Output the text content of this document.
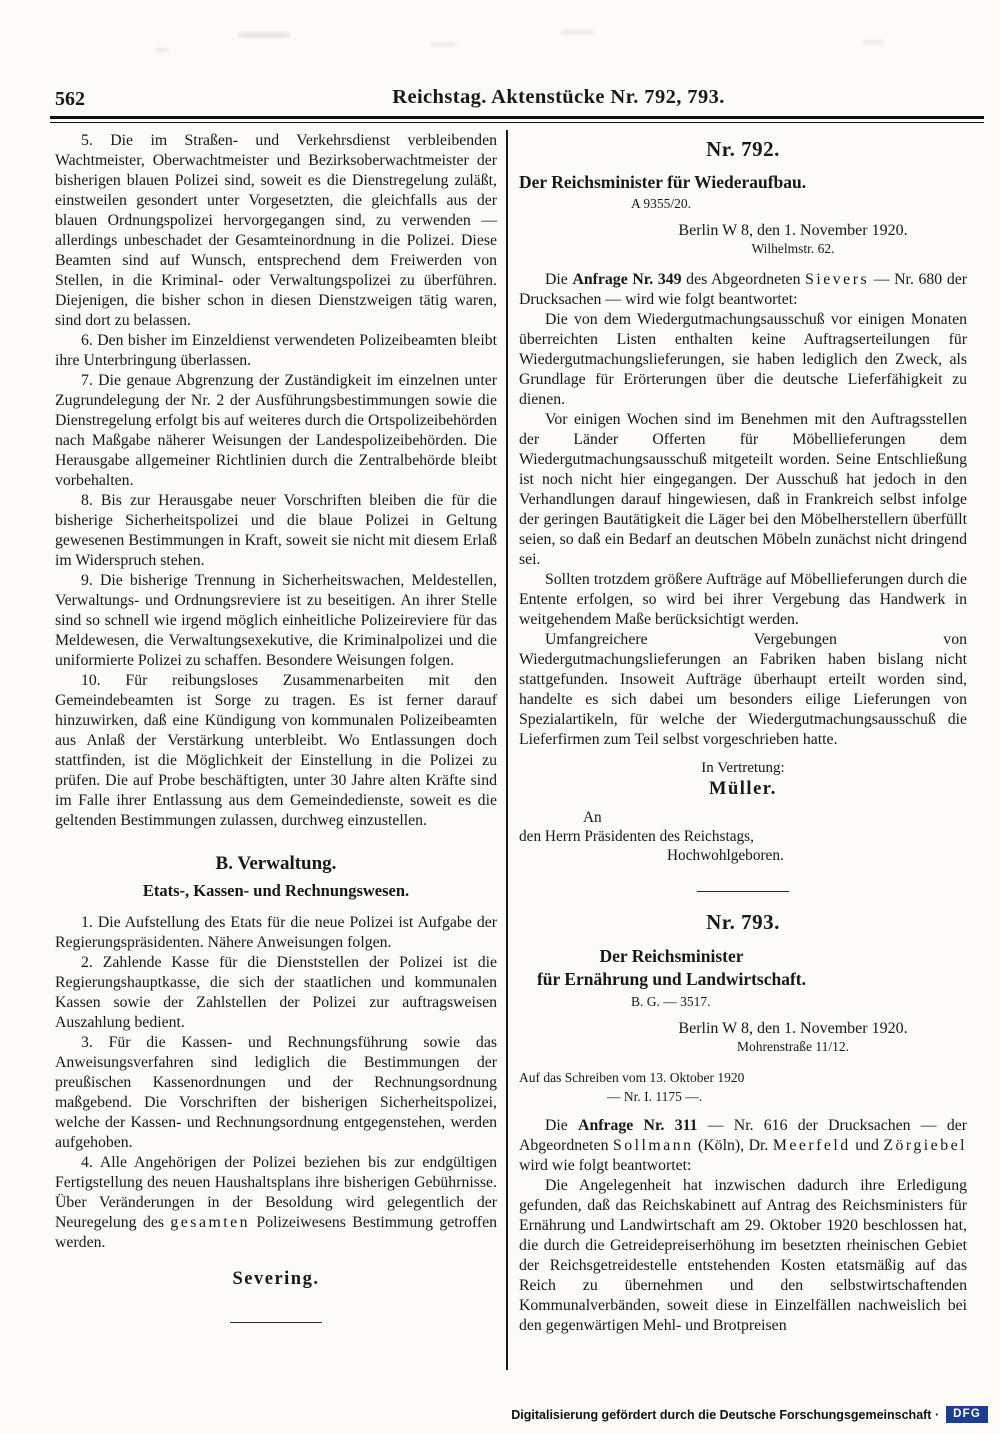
562	Reichstag. Aktenstücke Nr. 792, 793.

5. Die im Straßen- und Verkehrsdienst verbleibenden Wachtmeister, Oberwachtmeister und Bezirksoberwachtmeister der bisherigen blauen Polizei sind, soweit es die Dienstregelung zuläßt, einstweilen gesondert unter Vorgesetzten, die gleichfalls aus der blauen Ordnungspolizei hervorgegangen sind, zu verwenden — allerdings unbeschadet der Gesamteinordnung in die Polizei. Diese Beamten sind auf Wunsch, entsprechend dem Freiwerden von Stellen, in die Kriminal- oder Verwaltungspolizei zu überführen. Diejenigen, die bisher schon in diesen Dienstzweigen tätig waren, sind dort zu belassen.

6. Den bisher im Einzeldienst verwendeten Polizeibeamten bleibt ihre Unterbringung überlassen.

7. Die genaue Abgrenzung der Zuständigkeit im einzelnen unter Zugrundelegung der Nr. 2 der Ausführungsbestimmungen sowie die Dienstregelung erfolgt bis auf weiteres durch die Ortspolizeibehörden nach Maßgabe näherer Weisungen der Landespolizeibehörden. Die Herausgabe allgemeiner Richtlinien durch die Zentralbehörde bleibt vorbehalten.

8. Bis zur Herausgabe neuer Vorschriften bleiben die für die bisherige Sicherheitspolizei und die blaue Polizei in Geltung gewesenen Bestimmungen in Kraft, soweit sie nicht mit diesem Erlaß im Widerspruch stehen.

9. Die bisherige Trennung in Sicherheitswachen, Meldestellen, Verwaltungs- und Ordnungsreviere ist zu beseitigen. An ihrer Stelle sind so schnell wie irgend möglich einheitliche Polizeireviere für das Meldewesen, die Verwaltungsexekutive, die Kriminalpolizei und die uniformierte Polizei zu schaffen. Besondere Weisungen folgen.

10. Für reibungsloses Zusammenarbeiten mit den Gemeindebeamten ist Sorge zu tragen. Es ist ferner darauf hinzuwirken, daß eine Kündigung von kommunalen Polizeibeamten aus Anlaß der Verstärkung unterbleibt. Wo Entlassungen doch stattfinden, ist die Möglichkeit der Einstellung in die Polizei zu prüfen. Die auf Probe beschäftigten, unter 30 Jahre alten Kräfte sind im Falle ihrer Entlassung aus dem Gemeindedienste, soweit es die geltenden Bestimmungen zulassen, durchweg einzustellen.

B. Verwaltung.
Etats-, Kassen- und Rechnungswesen.

1. Die Aufstellung des Etats für die neue Polizei ist Aufgabe der Regierungspräsidenten. Nähere Anweisungen folgen.

2. Zahlende Kasse für die Dienststellen der Polizei ist die Regierungshauptkasse, die sich der staatlichen und kommunalen Kassen sowie der Zahlstellen der Polizei zur auftragsweisen Auszahlung bedient.

3. Für die Kassen- und Rechnungsführung sowie das Anweisungsverfahren sind lediglich die Bestimmungen der preußischen Kassenordnungen und der Rechnungsordnung maßgebend. Die Vorschriften der bisherigen Sicherheitspolizei, welche der Kassen- und Rechnungsordnung entgegenstehen, werden aufgehoben.

4. Alle Angehörigen der Polizei beziehen bis zur endgültigen Fertigstellung des neuen Haushaltsplans ihre bisherigen Gebührnisse. Über Veränderungen in der Besoldung wird gelegentlich der Neuregelung des gesamten Polizeiwesens Bestimmung getroffen werden.

Severing.
Nr. 792.
Der Reichsminister für Wiederaufbau.
A 9355/20.
Berlin W 8, den 1. November 1920.
Wilhelmstr. 62.

Die Anfrage Nr. 349 des Abgeordneten Sievers — Nr. 680 der Drucksachen — wird wie folgt beantwortet:

Die von dem Wiedergutmachungsausschuß vor einigen Monaten überreichten Listen enthalten keine Auftragserteilungen für Wiedergutmachungslieferungen, sie haben lediglich den Zweck, als Grundlage für Erörterungen über die deutsche Lieferfähigkeit zu dienen.

Vor einigen Wochen sind im Benehmen mit den Auftragsstellen der Länder Offerten für Möbellieferungen dem Wiedergutmachungsausschuß mitgeteilt worden. Seine Entschließung ist noch nicht hier eingegangen. Der Ausschuß hat jedoch in den Verhandlungen darauf hingewiesen, daß in Frankreich selbst infolge der geringen Bautätigkeit die Läger bei den Möbelherstellern überfüllt seien, so daß ein Bedarf an deutschen Möbeln zunächst nicht dringend sei.

Sollten trotzdem größere Aufträge auf Möbellieferungen durch die Entente erfolgen, so wird bei ihrer Vergebung das Handwerk in weitgehendem Maße berücksichtigt werden.

Umfangreichere Vergebungen von Wiedergutmachungslieferungen an Fabriken haben bislang nicht stattgefunden. Insoweit Aufträge überhaupt erteilt worden sind, handelte es sich dabei um besonders eilige Lieferungen von Spezialartikeln, für welche der Wiedergutmachungsausschuß die Lieferfirmen zum Teil selbst vorgeschrieben hatte.

In Vertretung:
Müller.
An
den Herrn Präsidenten des Reichstags,
Hochwohlgeboren.
Nr. 793.
Der Reichsminister
für Ernährung und Landwirtschaft.
B. G. — 3517.
Berlin W 8, den 1. November 1920.
Mohrenstraße 11/12.
Auf das Schreiben vom 13. Oktober 1920
— Nr. I. 1175 —.

Die Anfrage Nr. 311 — Nr. 616 der Drucksachen — der Abgeordneten Sollmann (Köln), Dr. Meerfeld und Zörgiebel wird wie folgt beantwortet:

Die Angelegenheit hat inzwischen dadurch ihre Erledigung gefunden, daß das Reichskabinett auf Antrag des Reichsministers für Ernährung und Landwirtschaft am 29. Oktober 1920 beschlossen hat, die durch die Getreidepreiserhöhung im besetzten rheinischen Gebiet der Reichsgetreidestelle entstehenden Kosten etatsmäßig auf das Reich zu übernehmen und den selbstwirtschaftenden Kommunalverbänden, soweit diese in Einzelfällen nachweislich bei den gegenwärtigen Mehl- und Brotpreisen

Digitalisierung gefördert durch die Deutsche Forschungsgemeinschaft ·	DFG
